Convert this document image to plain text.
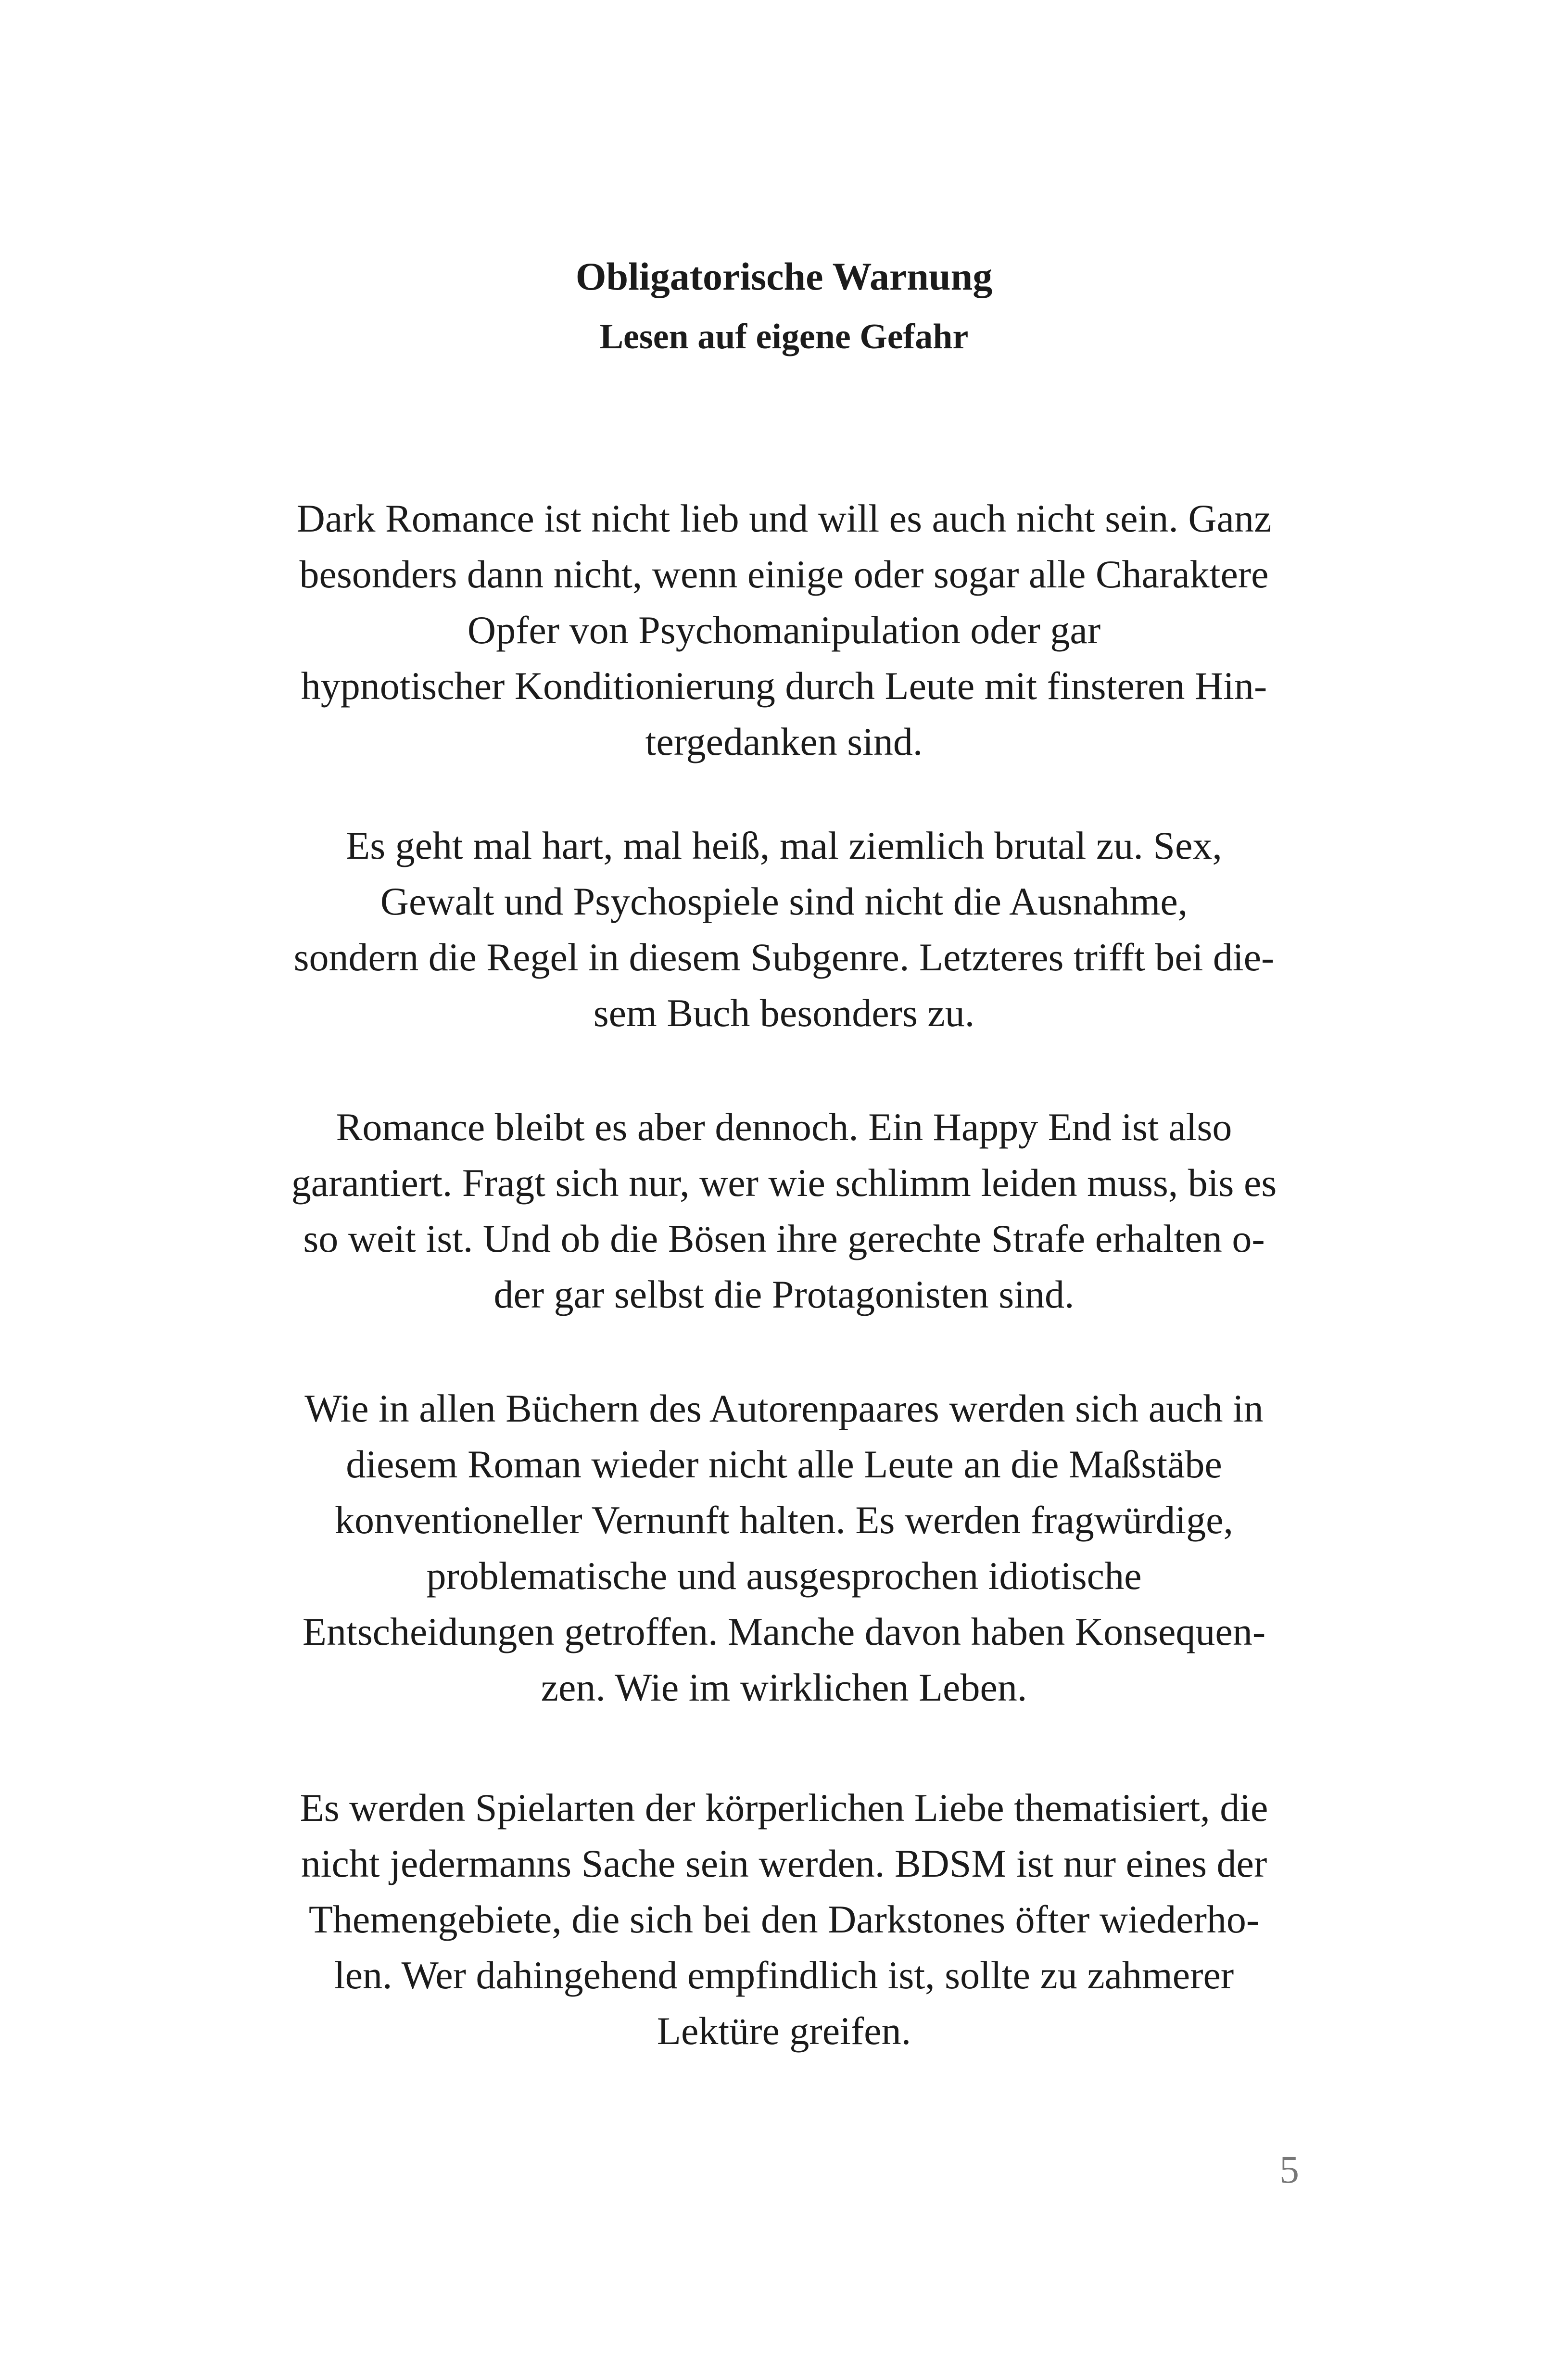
Obligatorische Warnung
Lesen auf eigene Gefahr
Dark Romance ist nicht lieb und will es auch nicht sein. Ganz
besonders dann nicht, wenn einige oder sogar alle Charaktere
Opfer von Psychomanipulation oder gar
hypnotischer Konditionierung durch Leute mit finsteren Hin-
tergedanken sind.
Es geht mal hart, mal heiß, mal ziemlich brutal zu. Sex,
Gewalt und Psychospiele sind nicht die Ausnahme,
sondern die Regel in diesem Subgenre. Letzteres trifft bei die-
sem Buch besonders zu.
Romance bleibt es aber dennoch. Ein Happy End ist also
garantiert. Fragt sich nur, wer wie schlimm leiden muss, bis es
so weit ist. Und ob die Bösen ihre gerechte Strafe erhalten o-
der gar selbst die Protagonisten sind.
Wie in allen Büchern des Autorenpaares werden sich auch in
diesem Roman wieder nicht alle Leute an die Maßstäbe
konventioneller Vernunft halten. Es werden fragwürdige,
problematische und ausgesprochen idiotische
Entscheidungen getroffen. Manche davon haben Konsequen-
zen. Wie im wirklichen Leben.
Es werden Spielarten der körperlichen Liebe thematisiert, die
nicht jedermanns Sache sein werden. BDSM ist nur eines der
Themengebiete, die sich bei den Darkstones öfter wiederho-
len. Wer dahingehend empfindlich ist, sollte zu zahmerer
Lektüre greifen.
5
